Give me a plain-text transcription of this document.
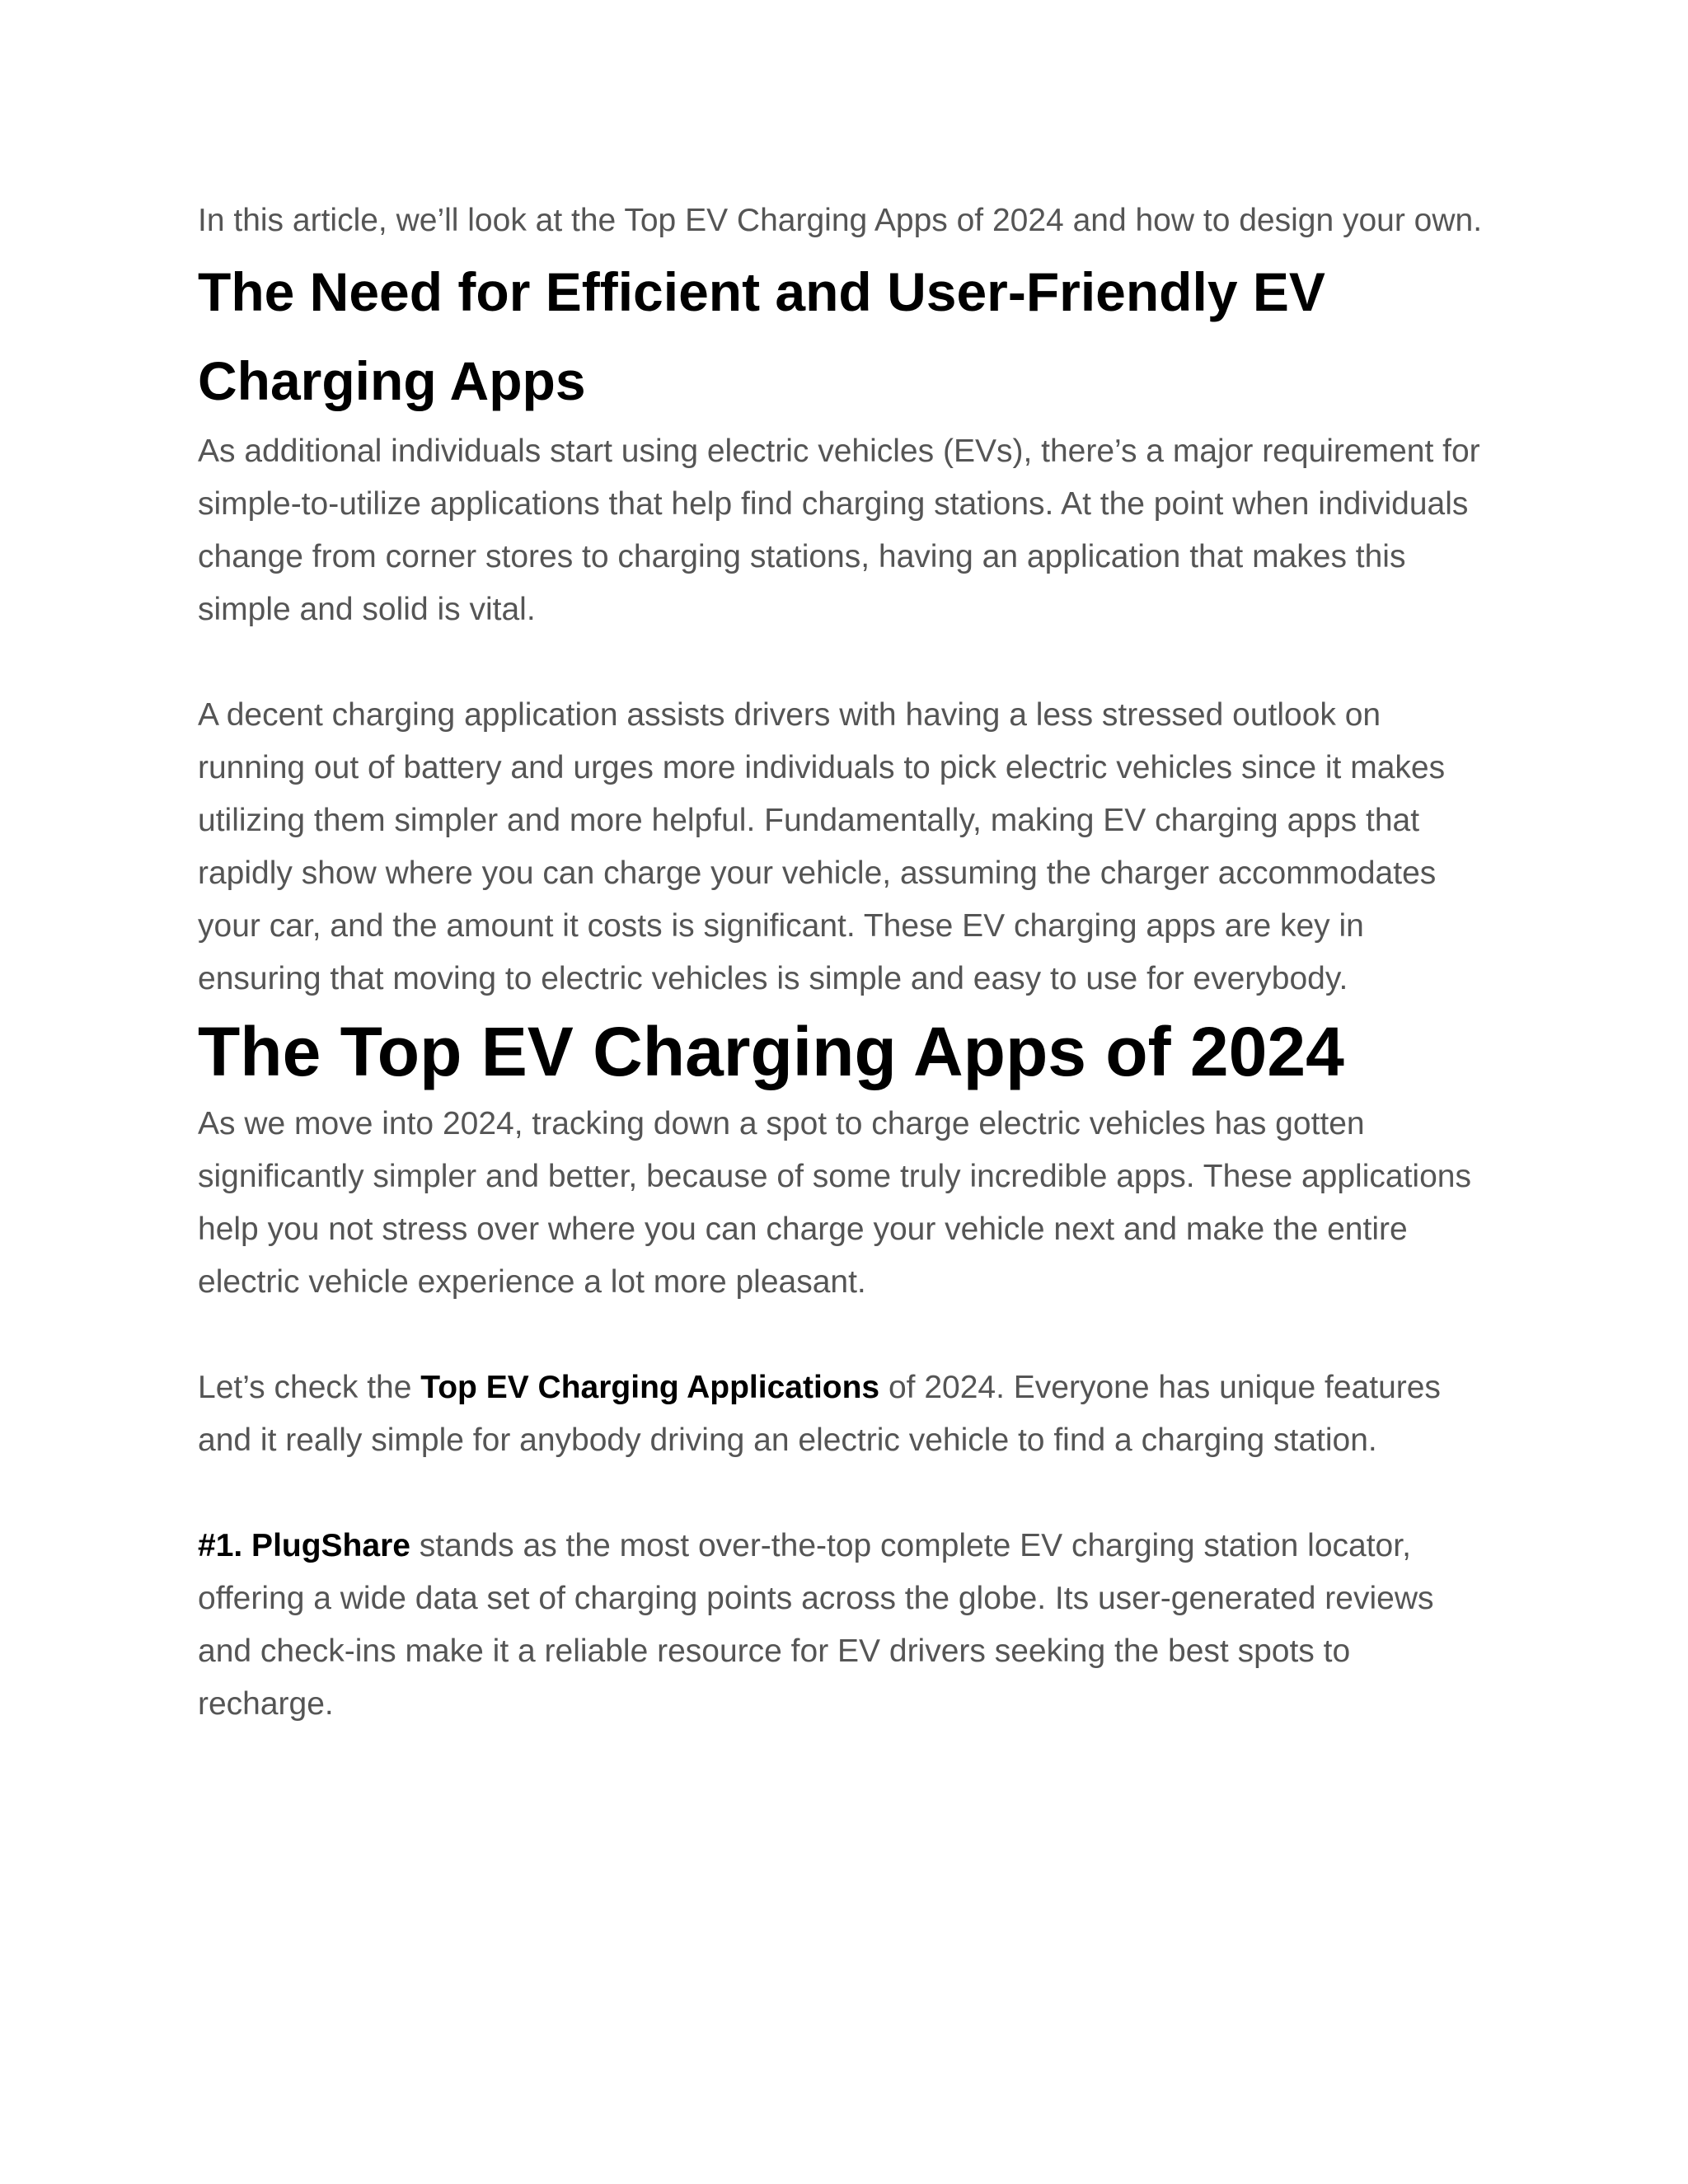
In this article, we’ll look at the Top EV Charging Apps of 2024 and how to design your own.

The Need for Efficient and User-Friendly EV Charging Apps

As additional individuals start using electric vehicles (EVs), there’s a major requirement for simple-to-utilize applications that help find charging stations. At the point when individuals change from corner stores to charging stations, having an application that makes this simple and solid is vital.

A decent charging application assists drivers with having a less stressed outlook on running out of battery and urges more individuals to pick electric vehicles since it makes utilizing them simpler and more helpful. Fundamentally, making EV charging apps that rapidly show where you can charge your vehicle, assuming the charger accommodates your car, and the amount it costs is significant. These EV charging apps are key in ensuring that moving to electric vehicles is simple and easy to use for everybody.

The Top EV Charging Apps of 2024

As we move into 2024, tracking down a spot to charge electric vehicles has gotten significantly simpler and better, because of some truly incredible apps. These applications help you not stress over where you can charge your vehicle next and make the entire electric vehicle experience a lot more pleasant.

Let’s check the Top EV Charging Applications of 2024. Everyone has unique features and it really simple for anybody driving an electric vehicle to find a charging station.

#1. PlugShare stands as the most over-the-top complete EV charging station locator, offering a wide data set of charging points across the globe. Its user-generated reviews and check-ins make it a reliable resource for EV drivers seeking the best spots to recharge.
